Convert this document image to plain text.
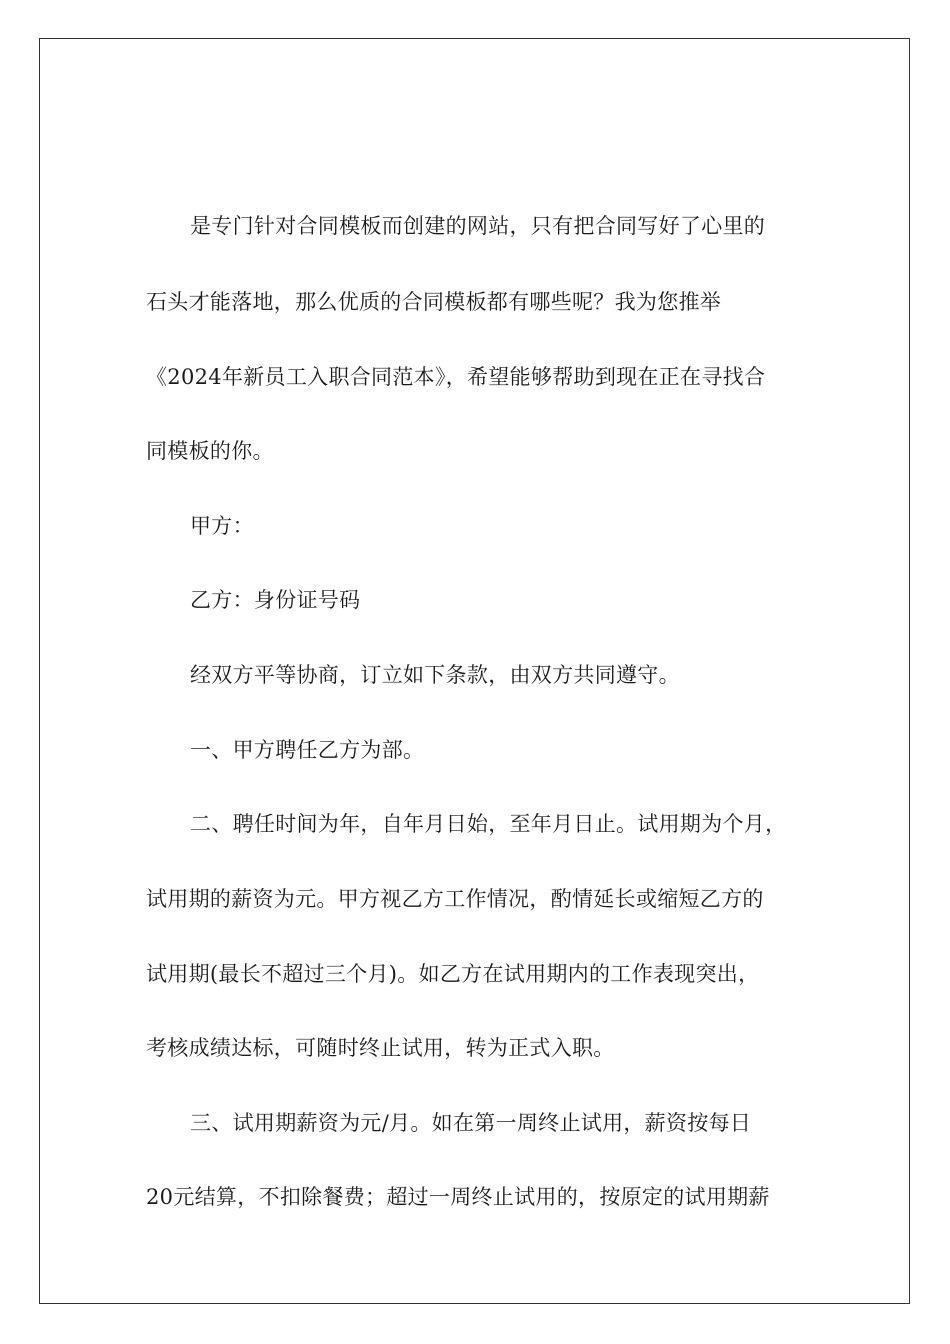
是专门针对合同模板而创建的网站，只有把合同写好了心里的
石头才能落地，那么优质的合同模板都有哪些呢？我为您推举
《2024年新员工入职合同范本》，希望能够帮助到现在正在寻找合
同模板的你。
甲方：
乙方：身份证号码
经双方平等协商，订立如下条款，由双方共同遵守。
一、甲方聘任乙方为部。
二、聘任时间为年，自年月日始，至年月日止。试用期为个月，
试用期的薪资为元。甲方视乙方工作情况，酌情延长或缩短乙方的
试用期(最长不超过三个月)。如乙方在试用期内的工作表现突出，
考核成绩达标，可随时终止试用，转为正式入职。
三、试用期薪资为元/月。如在第一周终止试用，薪资按每日
20元结算，不扣除餐费；超过一周终止试用的，按原定的试用期薪
